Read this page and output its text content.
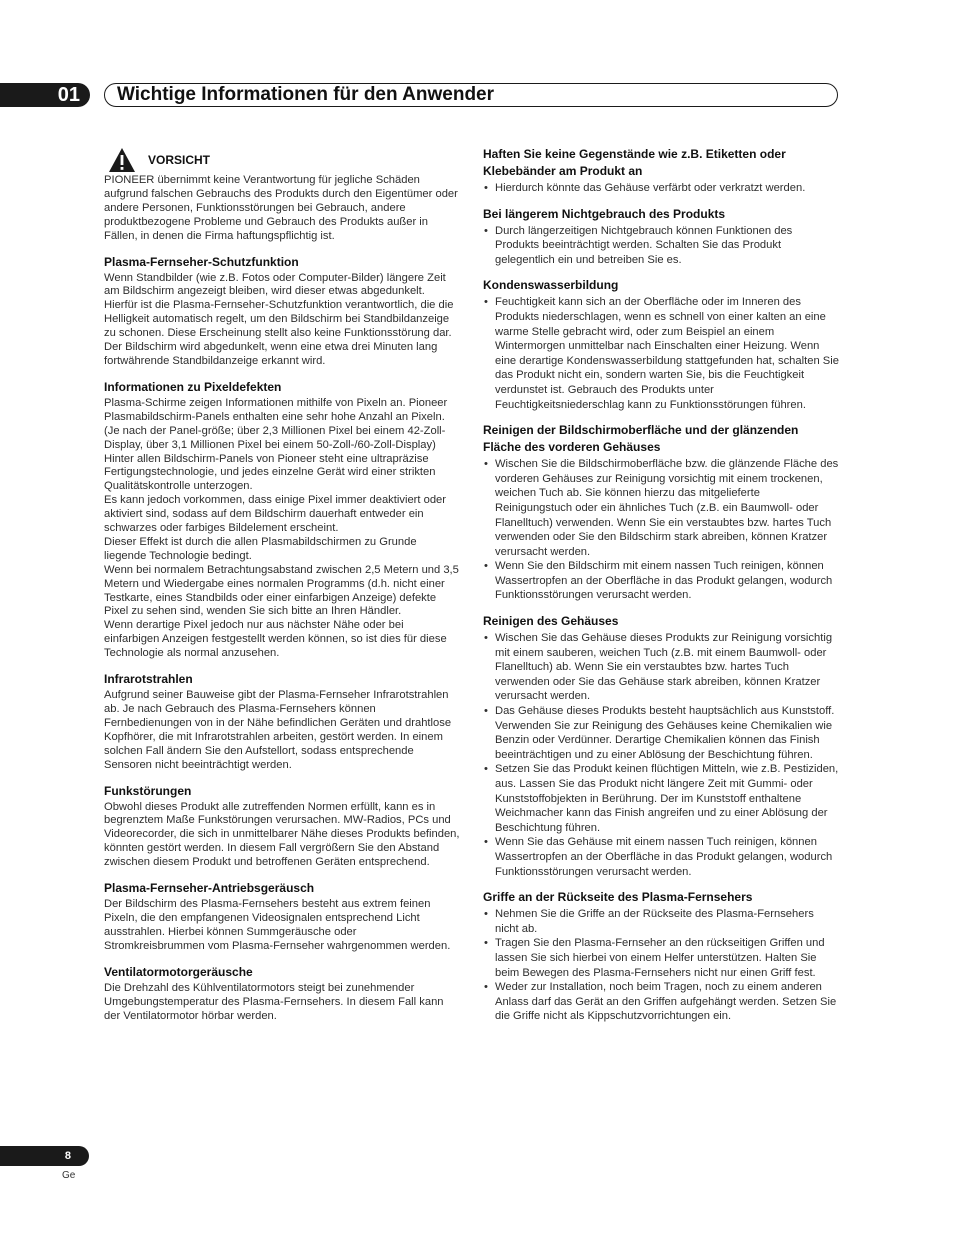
01	Wichtige Informationen für den Anwender
VORSICHT

PIONEER übernimmt keine Verantwortung für jegliche Schäden aufgrund falschen Gebrauchs des Produkts durch den Eigentümer oder andere Personen, Funktionsstörungen bei Gebrauch, andere produktbezogene Probleme und Gebrauch des Produkts außer in Fällen, in denen die Firma haftungspflichtig ist.

Plasma-Fernseher-Schutzfunktion

Wenn Standbilder (wie z.B. Fotos oder Computer-Bilder) längere Zeit am Bildschirm angezeigt bleiben, wird dieser etwas abgedunkelt. Hierfür ist die Plasma-Fernseher-Schutzfunktion verantwortlich, die die Helligkeit automatisch regelt, um den Bildschirm bei Standbildanzeige zu schonen. Diese Erscheinung stellt also keine Funktionsstörung dar. Der Bildschirm wird abgedunkelt, wenn eine etwa drei Minuten lang fortwährende Standbildanzeige erkannt wird.

Informationen zu Pixeldefekten

Plasma-Schirme zeigen Informationen mithilfe von Pixeln an. Pioneer Plasmabildschirm-Panels enthalten eine sehr hohe Anzahl an Pixeln. (Je nach der Panel-größe; über 2,3 Millionen Pixel bei einem 42-Zoll-Display, über 3,1 Millionen Pixel bei einem 50-Zoll-/60-Zoll-Display) Hinter allen Bildschirm-Panels von Pioneer steht eine ultrapräzise Fertigungstechnologie, und jedes einzelne Gerät wird einer strikten Qualitätskontrolle unterzogen.

Es kann jedoch vorkommen, dass einige Pixel immer deaktiviert oder aktiviert sind, sodass auf dem Bildschirm dauerhaft entweder ein schwarzes oder farbiges Bildelement erscheint.

Dieser Effekt ist durch die allen Plasmabildschirmen zu Grunde liegende Technologie bedingt.

Wenn bei normalem Betrachtungsabstand zwischen 2,5 Metern und 3,5 Metern und Wiedergabe eines normalen Programms (d.h. nicht einer Testkarte, eines Standbilds oder einer einfarbigen Anzeige) defekte Pixel zu sehen sind, wenden Sie sich bitte an Ihren Händler.

Wenn derartige Pixel jedoch nur aus nächster Nähe oder bei einfarbigen Anzeigen festgestellt werden können, so ist dies für diese Technologie als normal anzusehen.

Infrarotstrahlen

Aufgrund seiner Bauweise gibt der Plasma-Fernseher Infrarotstrahlen ab. Je nach Gebrauch des Plasma-Fernsehers können Fernbedienungen von in der Nähe befindlichen Geräten und drahtlose Kopfhörer, die mit Infrarotstrahlen arbeiten, gestört werden. In einem solchen Fall ändern Sie den Aufstellort, sodass entsprechende Sensoren nicht beeinträchtigt werden.

Funkstörungen

Obwohl dieses Produkt alle zutreffenden Normen erfüllt, kann es in begrenztem Maße Funkstörungen verursachen. MW-Radios, PCs und Videorecorder, die sich in unmittelbarer Nähe dieses Produkts befinden, könnten gestört werden. In diesem Fall vergrößern Sie den Abstand zwischen diesem Produkt und betroffenen Geräten entsprechend.

Plasma-Fernseher-Antriebsgeräusch

Der Bildschirm des Plasma-Fernsehers besteht aus extrem feinen Pixeln, die den empfangenen Videosignalen entsprechend Licht ausstrahlen. Hierbei können Summgeräusche oder Stromkreisbrummen vom Plasma-Fernseher wahrgenommen werden.

Ventilatormotorgeräusche

Die Drehzahl des Kühlventilatormotors steigt bei zunehmender Umgebungstemperatur des Plasma-Fernsehers. In diesem Fall kann der Ventilatormotor hörbar werden.

Haften Sie keine Gegenstände wie z.B. Etiketten oder Klebebänder am Produkt an
• Hierdurch könnte das Gehäuse verfärbt oder verkratzt werden.
Bei längerem Nichtgebrauch des Produkts
• Durch längerzeitigen Nichtgebrauch können Funktionen des Produkts beeinträchtigt werden. Schalten Sie das Produkt gelegentlich ein und betreiben Sie es.
Kondenswasserbildung
• Feuchtigkeit kann sich an der Oberfläche oder im Inneren des Produkts niederschlagen, wenn es schnell von einer kalten an eine warme Stelle gebracht wird, oder zum Beispiel an einem Wintermorgen unmittelbar nach Einschalten einer Heizung. Wenn eine derartige Kondenswasserbildung stattgefunden hat, schalten Sie das Produkt nicht ein, sondern warten Sie, bis die Feuchtigkeit verdunstet ist. Gebrauch des Produkts unter Feuchtigkeitsniederschlag kann zu Funktionsstörungen führen.
Reinigen der Bildschirmoberfläche und der glänzenden Fläche des vorderen Gehäuses
• Wischen Sie die Bildschirmoberfläche bzw. die glänzende Fläche des vorderen Gehäuses zur Reinigung vorsichtig mit einem trockenen, weichen Tuch ab. Sie können hierzu das mitgelieferte Reinigungstuch oder ein ähnliches Tuch (z.B. ein Baumwoll- oder Flanelltuch) verwenden. Wenn Sie ein verstaubtes bzw. hartes Tuch verwenden oder Sie den Bildschirm stark abreiben, können Kratzer verursacht werden.
• Wenn Sie den Bildschirm mit einem nassen Tuch reinigen, können Wassertropfen an der Oberfläche in das Produkt gelangen, wodurch Funktionsstörungen verursacht werden.
Reinigen des Gehäuses
• Wischen Sie das Gehäuse dieses Produkts zur Reinigung vorsichtig mit einem sauberen, weichen Tuch (z.B. mit einem Baumwoll- oder Flanelltuch) ab. Wenn Sie ein verstaubtes bzw. hartes Tuch verwenden oder Sie das Gehäuse stark abreiben, können Kratzer verursacht werden.
• Das Gehäuse dieses Produkts besteht hauptsächlich aus Kunststoff. Verwenden Sie zur Reinigung des Gehäuses keine Chemikalien wie Benzin oder Verdünner. Derartige Chemikalien können das Finish beeinträchtigen und zu einer Ablösung der Beschichtung führen.
• Setzen Sie das Produkt keinen flüchtigen Mitteln, wie z.B. Pestiziden, aus. Lassen Sie das Produkt nicht längere Zeit mit Gummi- oder Kunststoffobjekten in Berührung. Der im Kunststoff enthaltene Weichmacher kann das Finish angreifen und zu einer Ablösung der Beschichtung führen.
• Wenn Sie das Gehäuse mit einem nassen Tuch reinigen, können Wassertropfen an der Oberfläche in das Produkt gelangen, wodurch Funktionsstörungen verursacht werden.
Griffe an der Rückseite des Plasma-Fernsehers
• Nehmen Sie die Griffe an der Rückseite des Plasma-Fernsehers nicht ab.
• Tragen Sie den Plasma-Fernseher an den rückseitigen Griffen und lassen Sie sich hierbei von einem Helfer unterstützen. Halten Sie beim Bewegen des Plasma-Fernsehers nicht nur einen Griff fest.
• Weder zur Installation, noch beim Tragen, noch zu einem anderen Anlass darf das Gerät an den Griffen aufgehängt werden. Setzen Sie die Griffe nicht als Kippschutzvorrichtungen ein.
8
Ge
